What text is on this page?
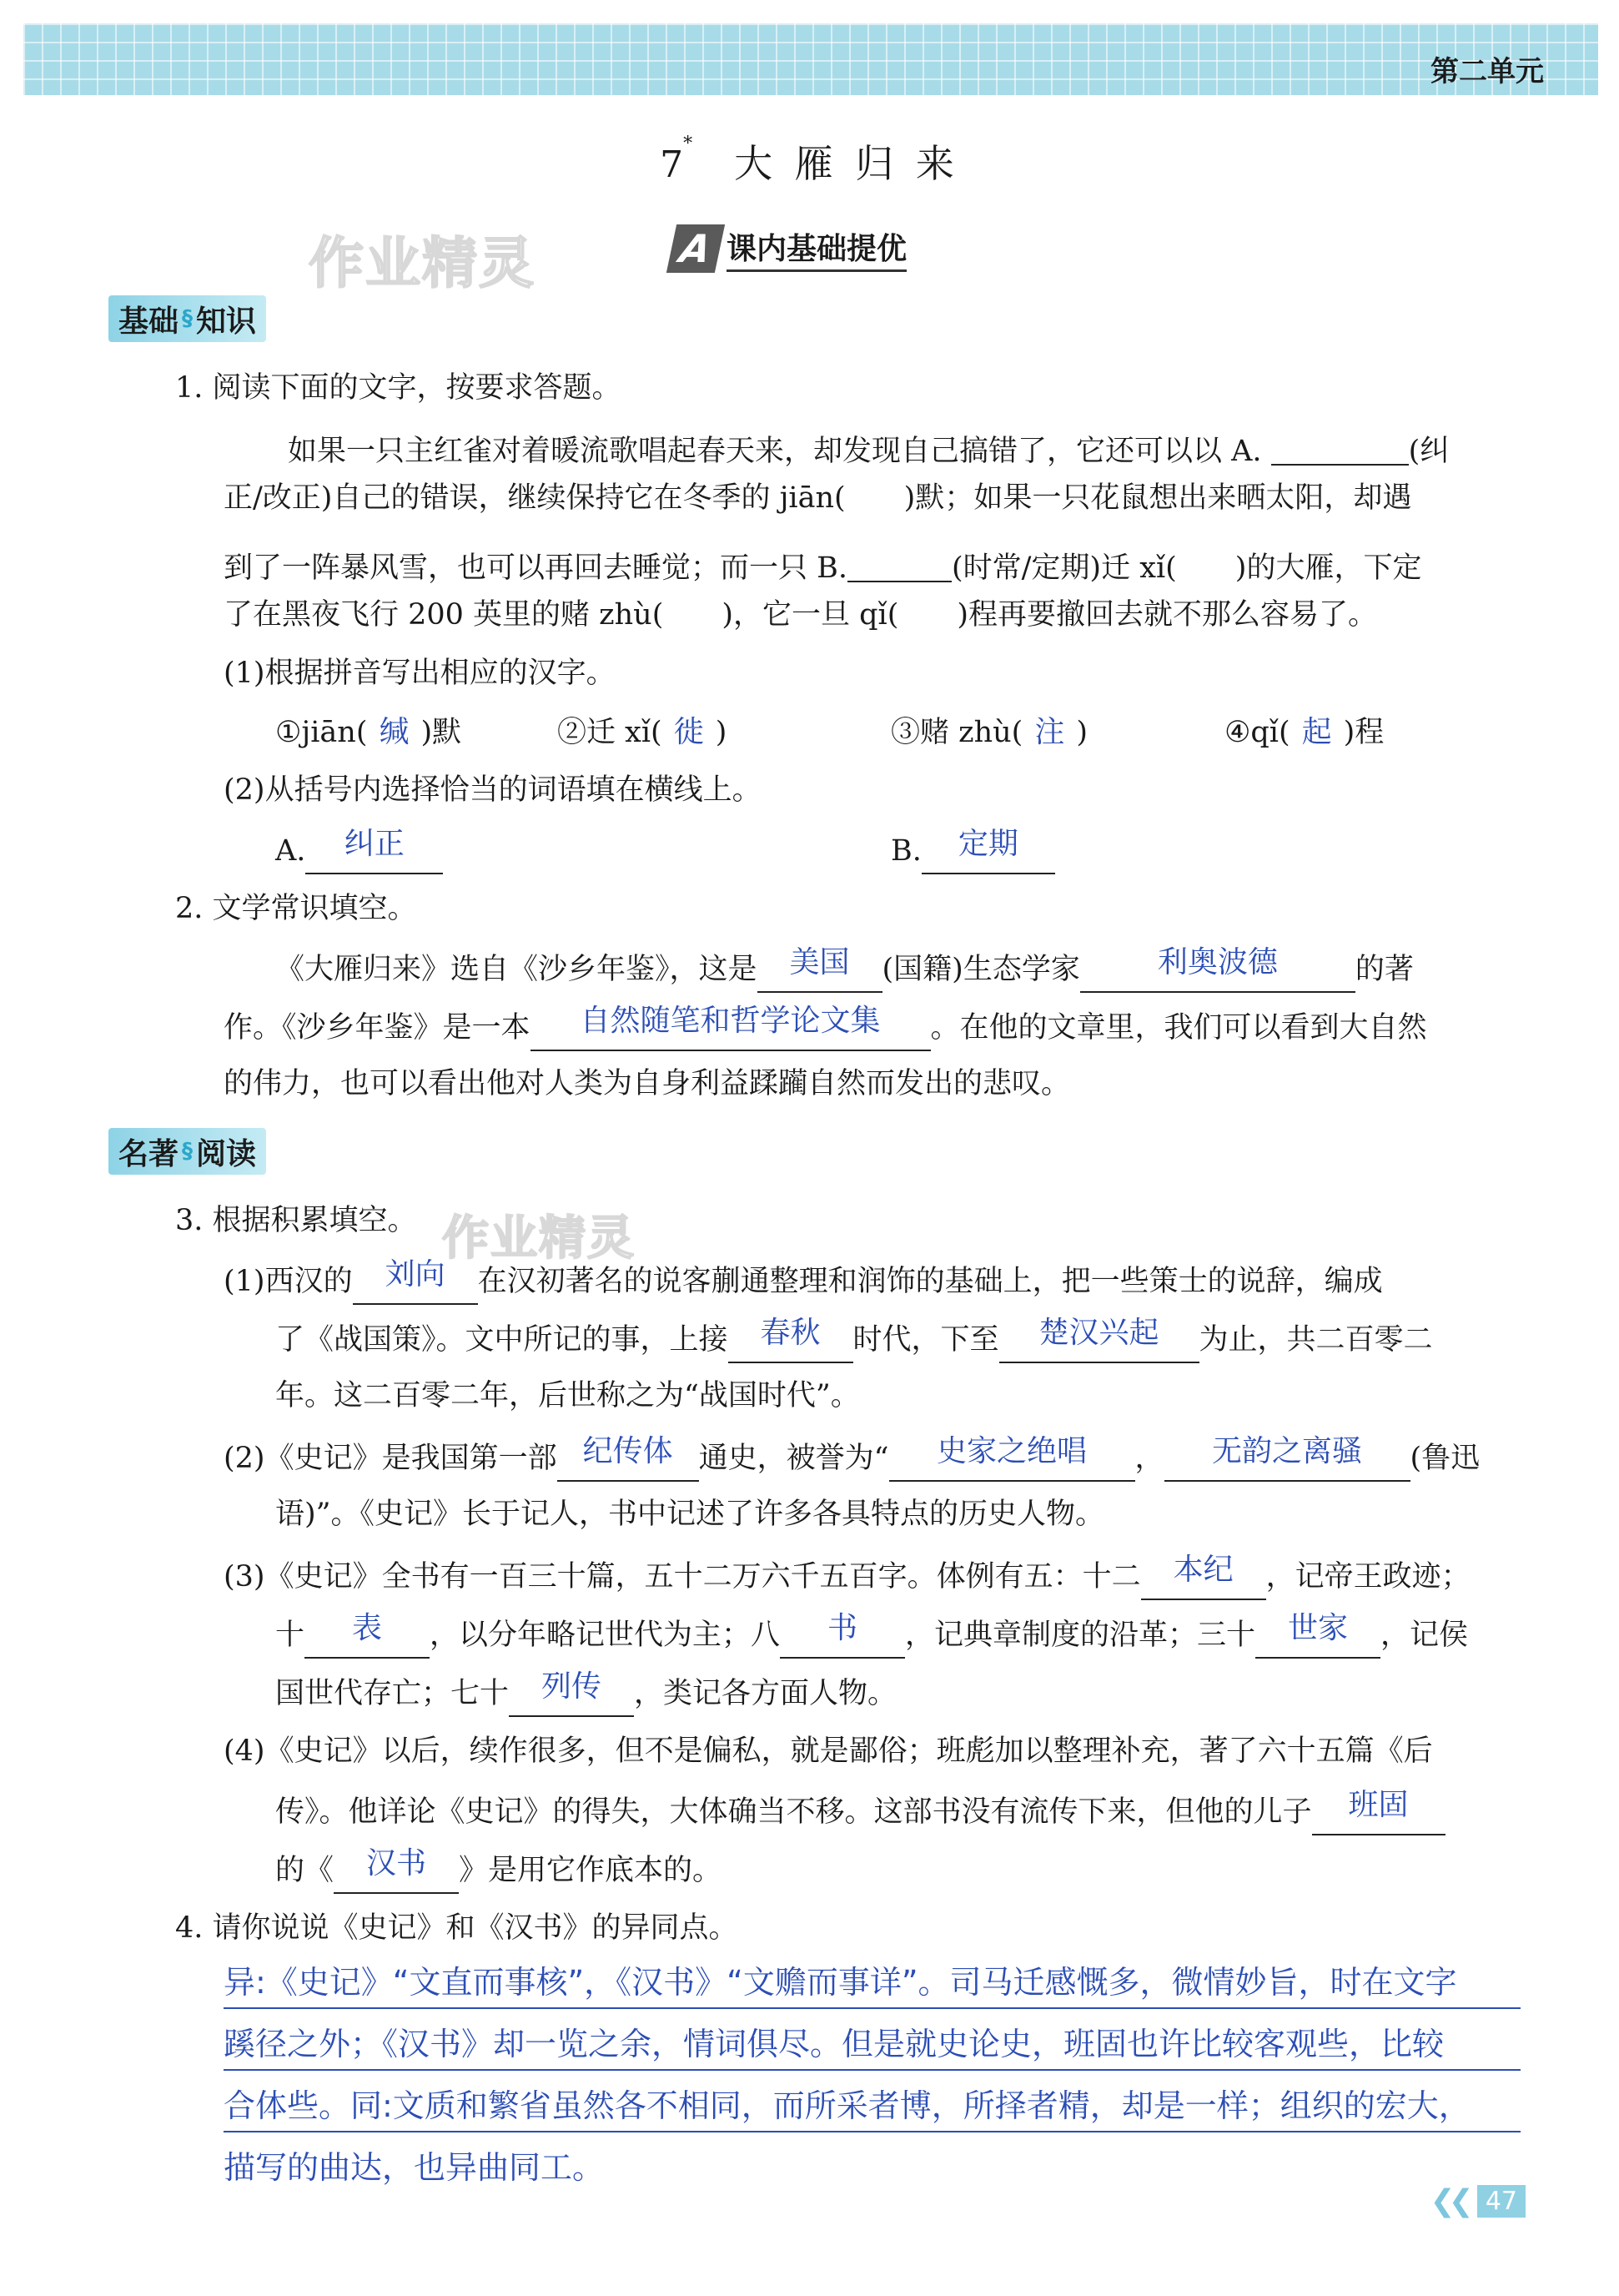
第二单元
7* 大 雁 归 来
作业精灵
作业精灵
A 课内基础提优
基础 § 知识
1. 阅读下面的文字，按要求答题。
如果一只主红雀对着暖流歌唱起春天来，却发现自己搞错了，它还可以以 A.	(纠
正/改正)自己的错误，继续保持它在冬季的 jiān(　　)默；如果一只花鼠想出来晒太阳，却遇
到了一阵暴风雪，也可以再回去睡觉；而一只 B.	(时常/定期)迁 xǐ(　　)的大雁，下定
了在黑夜飞行 200 英里的赌 zhù(　　)，它一旦 qǐ(　　)程再要撤回去就不那么容易了。
(1)根据拼音写出相应的汉字。
①jiān( 缄 )默	②迁 xǐ( 徙 )	③赌 zhù( 注 )	④qǐ( 起 )程
(2)从括号内选择恰当的词语填在横线上。
A. 纠正	B. 定期
2. 文学常识填空。
《大雁归来》选自《沙乡年鉴》，这是 美国 (国籍)生态学家	利奥波德	的著
作。《沙乡年鉴》是一本 自然随笔和哲学论文集 。在他的文章里，我们可以看到大自然
的伟力，也可以看出他对人类为自身利益蹂躏自然而发出的悲叹。
名著 § 阅读
3. 根据积累填空。
(1)西汉的 刘向 在汉初著名的说客蒯通整理和润饰的基础上，把一些策士的说辞，编成
了《战国策》。文中所记的事，上接 春秋 时代，下至 楚汉兴起 为止，共二百零二
年。这二百零二年，后世称之为“战国时代”。
(2)《史记》是我国第一部 纪传体 通史，被誉为“ 史家之绝唱 ， 无韵之离骚 (鲁迅
语)”。《史记》长于记人，书中记述了许多各具特点的历史人物。
(3)《史记》全书有一百三十篇，五十二万六千五百字。体例有五：十二 本纪 ，记帝王政迹；
十 表 ，以分年略记世代为主；八 书 ，记典章制度的沿革；三十 世家 ，记侯
国世代存亡；七十 列传 ，类记各方面人物。
(4)《史记》以后，续作很多，但不是偏私，就是鄙俗；班彪加以整理补充，著了六十五篇《后
传》。他详论《史记》的得失，大体确当不移。这部书没有流传下来，但他的儿子 班固
的《 汉书 》是用它作底本的。
4. 请你说说《史记》和《汉书》的异同点。
异:《史记》“文直而事核”，《汉书》“文赡而事详”。司马迁感慨多，微情妙旨，时在文字
蹊径之外；《汉书》却一览之余，情词俱尽。但是就史论史，班固也许比较客观些，比较
合体些。同:文质和繁省虽然各不相同，而所采者博，所择者精，却是一样；组织的宏大，
描写的曲达，也异曲同工。
❮❮ 47
